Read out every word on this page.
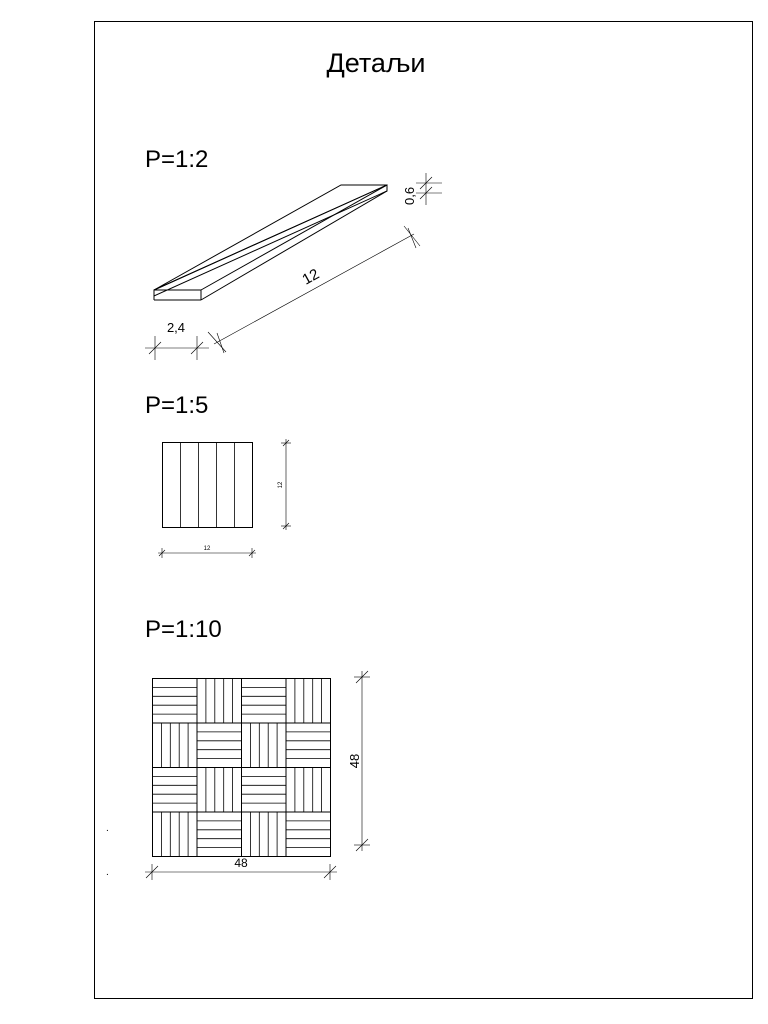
Детаљи
P=1:2
0,6
12
2,4
P=1:5
12
12
P=1:10
48
48
.
.
